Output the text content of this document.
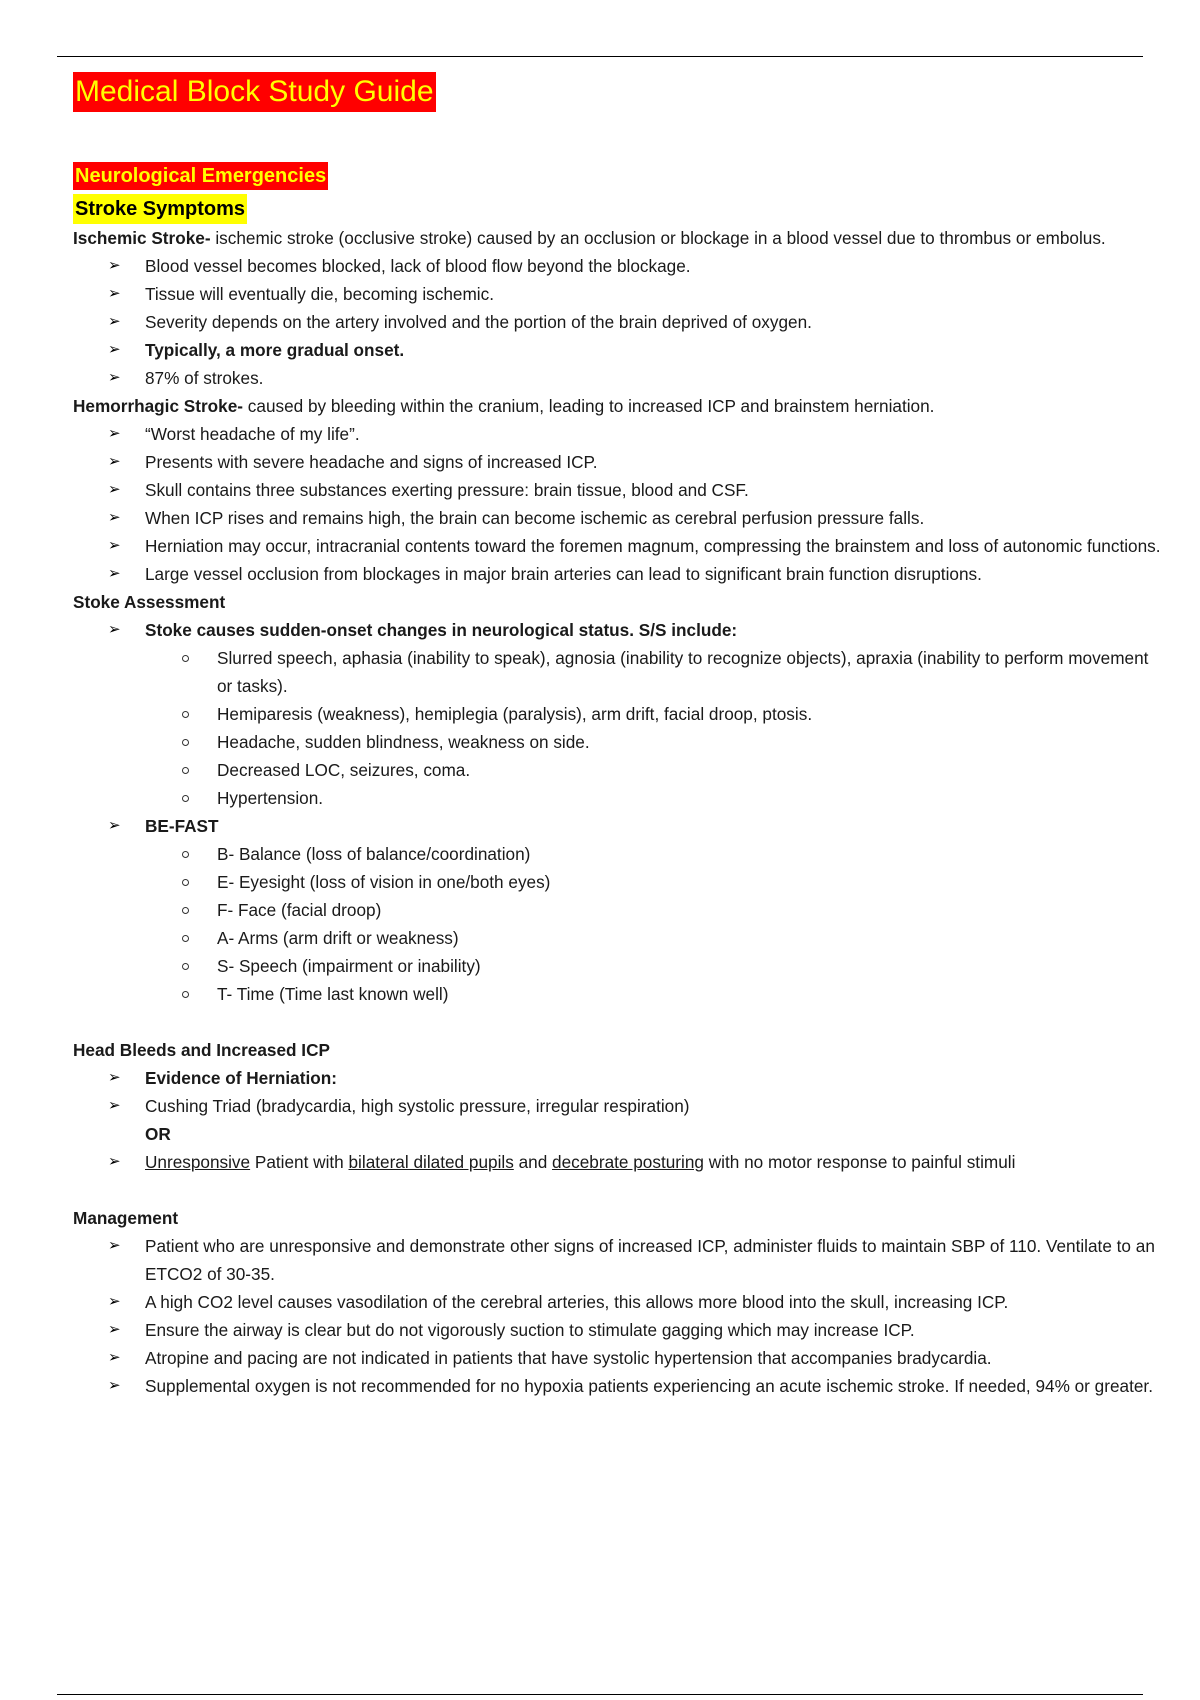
Medical Block Study Guide
Neurological Emergencies
Stroke Symptoms

Ischemic Stroke- ischemic stroke (occlusive stroke) caused by an occlusion or blockage in a blood vessel due to thrombus or embolus.

➢ Blood vessel becomes blocked, lack of blood flow beyond the blockage.
➢ Tissue will eventually die, becoming ischemic.
➢ Severity depends on the artery involved and the portion of the brain deprived of oxygen.
➢ Typically, a more gradual onset.
➢ 87% of strokes.

Hemorrhagic Stroke- caused by bleeding within the cranium, leading to increased ICP and brainstem herniation.

➢ “Worst headache of my life”.
➢ Presents with severe headache and signs of increased ICP.
➢ Skull contains three substances exerting pressure: brain tissue, blood and CSF.
➢ When ICP rises and remains high, the brain can become ischemic as cerebral perfusion pressure falls.
➢ Herniation may occur, intracranial contents toward the foremen magnum, compressing the brainstem and loss of autonomic functions.
➢ Large vessel occlusion from blockages in major brain arteries can lead to significant brain function disruptions.

Stoke Assessment

➢ Stoke causes sudden-onset changes in neurological status. S/S include:
Slurred speech, aphasia (inability to speak), agnosia (inability to recognize objects), apraxia (inability to perform movement or tasks).
Hemiparesis (weakness), hemiplegia (paralysis), arm drift, facial droop, ptosis.
Headache, sudden blindness, weakness on side.
Decreased LOC, seizures, coma.
Hypertension.
➢ BE-FAST
B- Balance (loss of balance/coordination)
E- Eyesight (loss of vision in one/both eyes)
F- Face (facial droop)
A- Arms (arm drift or weakness)
S- Speech (impairment or inability)
T- Time (Time last known well)

Head Bleeds and Increased ICP

➢ Evidence of Herniation:
➢ Cushing Triad (bradycardia, high systolic pressure, irregular respiration)
OR
➢ Unresponsive Patient with bilateral dilated pupils and decebrate posturing with no motor response to painful stimuli

Management

➢ Patient who are unresponsive and demonstrate other signs of increased ICP, administer fluids to maintain SBP of 110. Ventilate to an ETCO2 of 30-35.
➢ A high CO2 level causes vasodilation of the cerebral arteries, this allows more blood into the skull, increasing ICP.
➢ Ensure the airway is clear but do not vigorously suction to stimulate gagging which may increase ICP.
➢ Atropine and pacing are not indicated in patients that have systolic hypertension that accompanies bradycardia.
➢ Supplemental oxygen is not recommended for no hypoxia patients experiencing an acute ischemic stroke. If needed, 94% or greater.
